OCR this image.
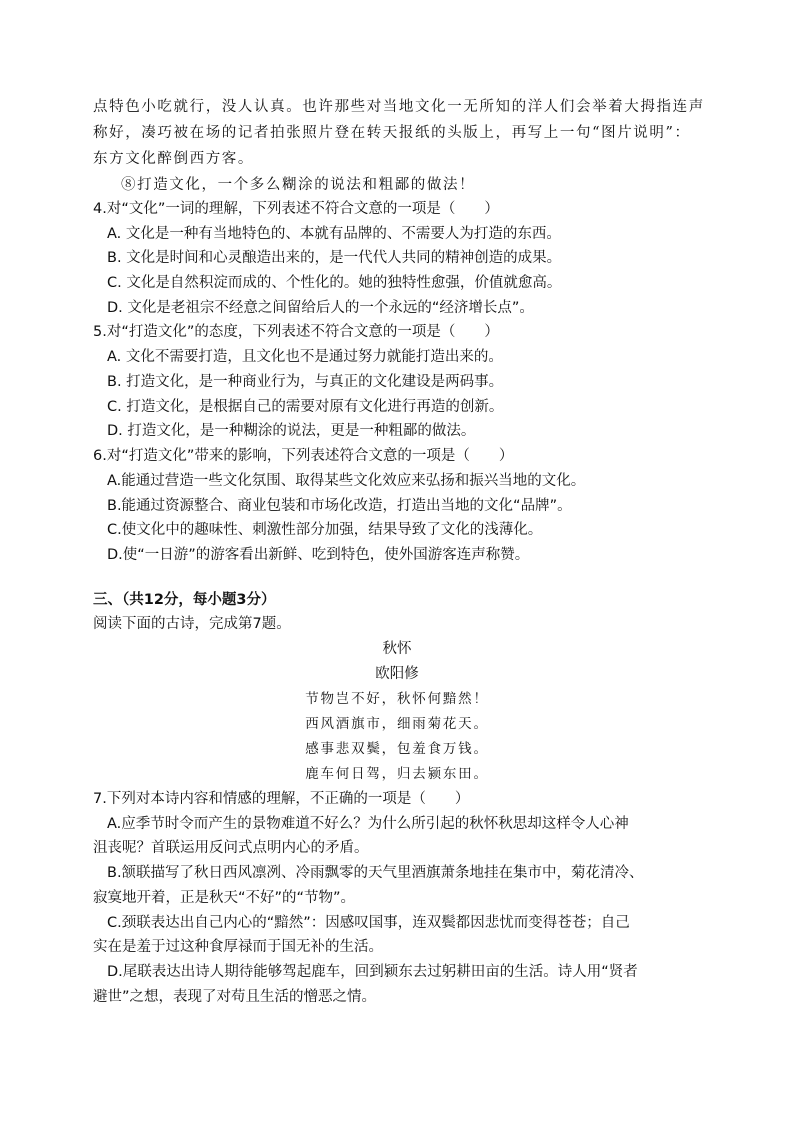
点特色小吃就行，没人认真。也许那些对当地文化一无所知的洋人们会举着大拇指连声
称好，凑巧被在场的记者拍张照片登在转天报纸的头版上，再写上一句“图片说明”：
东方文化醉倒西方客。
⑧打造文化，一个多么糊涂的说法和粗鄙的做法！
4.对“文化”一词的理解，下列表述不符合文意的一项是（　　）
A. 文化是一种有当地特色的、本就有品牌的、不需要人为打造的东西。
B. 文化是时间和心灵酿造出来的，是一代代人共同的精神创造的成果。
C. 文化是自然积淀而成的、个性化的。她的独特性愈强，价值就愈高。
D. 文化是老祖宗不经意之间留给后人的一个永远的“经济增长点”。
5.对“打造文化”的态度，下列表述不符合文意的一项是（　　）
A. 文化不需要打造，且文化也不是通过努力就能打造出来的。
B. 打造文化，是一种商业行为，与真正的文化建设是两码事。
C. 打造文化，是根据自己的需要对原有文化进行再造的创新。
D. 打造文化，是一种糊涂的说法，更是一种粗鄙的做法。
6.对“打造文化”带来的影响，下列表述符合文意的一项是（　　）
A.能通过营造一些文化氛围、取得某些文化效应来弘扬和振兴当地的文化。
B.能通过资源整合、商业包装和市场化改造，打造出当地的文化“品牌”。
C.使文化中的趣味性、刺激性部分加强，结果导致了文化的浅薄化。
D.使“一日游”的游客看出新鲜、吃到特色，使外国游客连声称赞。
三、（共12分，每小题3分）
阅读下面的古诗，完成第7题。
秋怀
欧阳修
节物岂不好，秋怀何黯然！
西风酒旗市，细雨菊花天。
感事悲双鬓，包羞食万钱。
鹿车何日驾，归去颍东田。
7.下列对本诗内容和情感的理解，不正确的一项是（　　）
A.应季节时令而产生的景物难道不好么？为什么所引起的秋怀秋思却这样令人心神
沮丧呢？首联运用反问式点明内心的矛盾。
B.颔联描写了秋日西风凛冽、冷雨飘零的天气里酒旗萧条地挂在集市中，菊花清冷、
寂寞地开着，正是秋天“不好”的“节物”。
C.颈联表达出自己内心的“黯然”：因感叹国事，连双鬓都因悲忧而变得苍苍；自己
实在是羞于过这种食厚禄而于国无补的生活。
D.尾联表达出诗人期待能够驾起鹿车，回到颍东去过躬耕田亩的生活。诗人用“贤者
避世”之想，表现了对苟且生活的憎恶之情。
